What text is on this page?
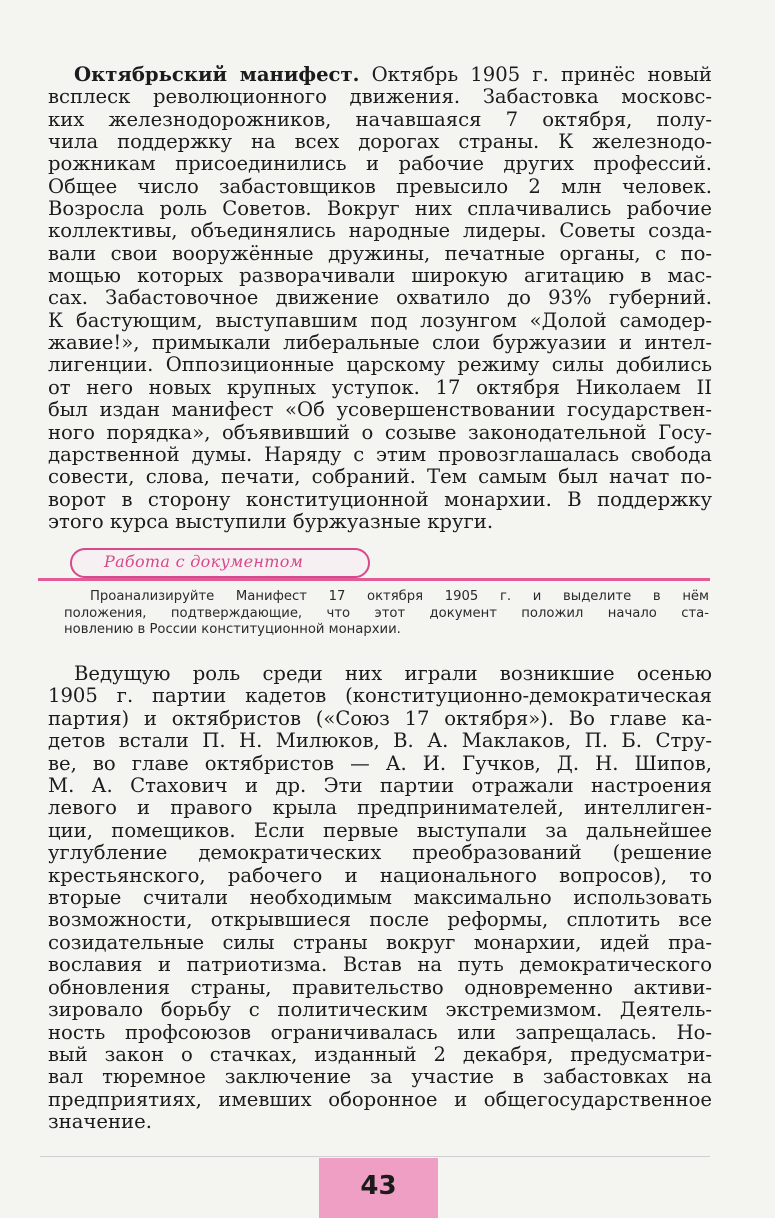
Октябрьский манифест. Октябрь 1905 г. принёс новый
всплеск революционного движения. Забастовка московс-
ких железнодорожников, начавшаяся 7 октября, полу-
чила поддержку на всех дорогах страны. К железнодо-
рожникам присоединились и рабочие других профессий.
Общее число забастовщиков превысило 2 млн человек.
Возросла роль Советов. Вокруг них сплачивались рабочие
коллективы, объединялись народные лидеры. Советы созда-
вали свои вооружённые дружины, печатные органы, с по-
мощью которых разворачивали широкую агитацию в мас-
сах. Забастовочное движение охватило до 93% губерний.
К бастующим, выступавшим под лозунгом «Долой самодер-
жавие!», примыкали либеральные слои буржуазии и интел-
лигенции. Оппозиционные царскому режиму силы добились
от него новых крупных уступок. 17 октября Николаем II
был издан манифест «Об усовершенствовании государствен-
ного порядка», объявивший о созыве законодательной Госу-
дарственной думы. Наряду с этим провозглашалась свобода
совести, слова, печати, собраний. Тем самым был начат по-
ворот в сторону конституционной монархии. В поддержку
этого курса выступили буржуазные круги.
Работа с документом
Проанализируйте Манифест 17 октября 1905 г. и выделите в нём
положения, подтверждающие, что этот документ положил начало ста-
новлению в России конституционной монархии.
Ведущую роль среди них играли возникшие осенью
1905 г. партии кадетов (конституционно-демократическая
партия) и октябристов («Союз 17 октября»). Во главе ка-
детов встали П. Н. Милюков, В. А. Маклаков, П. Б. Стру-
ве, во главе октябристов — А. И. Гучков, Д. Н. Шипов,
М. А. Стахович и др. Эти партии отражали настроения
левого и правого крыла предпринимателей, интеллиген-
ции, помещиков. Если первые выступали за дальнейшее
углубление демократических преобразований (решение
крестьянского, рабочего и национального вопросов), то
вторые считали необходимым максимально использовать
возможности, открывшиеся после реформы, сплотить все
созидательные силы страны вокруг монархии, идей пра-
вославия и патриотизма. Встав на путь демократического
обновления страны, правительство одновременно активи-
зировало борьбу с политическим экстремизмом. Деятель-
ность профсоюзов ограничивалась или запрещалась. Но-
вый закон о стачках, изданный 2 декабря, предусматри-
вал тюремное заключение за участие в забастовках на
предприятиях, имевших оборонное и общегосударственное
значение.
43
